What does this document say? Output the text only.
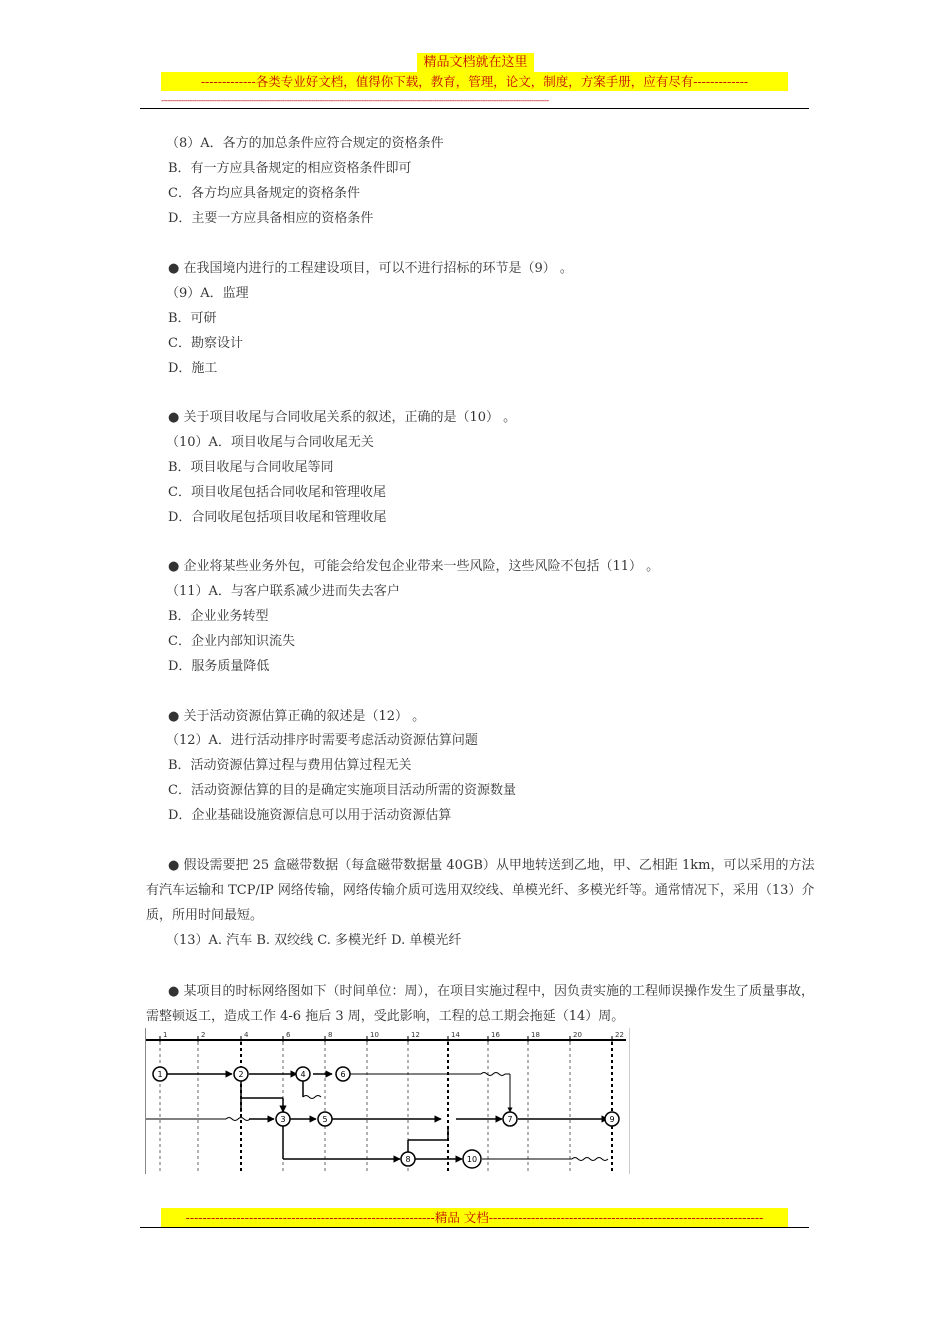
精品文档就在这里
-------------各类专业好文档，值得你下载，教育，管理，论文，制度，方案手册，应有尽有-------------
--------------------------------------------------------------------------------------------------------------------------------------------------------------------------------
（8）A．各方的加总条件应符合规定的资格条件
B．有一方应具备规定的相应资格条件即可
C．各方均应具备规定的资格条件
D．主要一方应具备相应的资格条件
● 在我国境内进行的工程建设项目，可以不进行招标的环节是（9） 。
（9）A．监理
B．可研
C．勘察设计
D．施工
● 关于项目收尾与合同收尾关系的叙述，正确的是（10） 。
（10）A．项目收尾与合同收尾无关
B．项目收尾与合同收尾等同
C．项目收尾包括合同收尾和管理收尾
D．合同收尾包括项目收尾和管理收尾
● 企业将某些业务外包，可能会给发包企业带来一些风险，这些风险不包括（11） 。
（11）A．与客户联系减少进而失去客户
B．企业业务转型
C．企业内部知识流失
D．服务质量降低
● 关于活动资源估算正确的叙述是（12） 。
（12）A．进行活动排序时需要考虑活动资源估算问题
B．活动资源估算过程与费用估算过程无关
C．活动资源估算的目的是确定实施项目活动所需的资源数量
D．企业基础设施资源信息可以用于活动资源估算
● 假设需要把 25 盒磁带数据（每盒磁带数据量 40GB）从甲地转送到乙地，甲、乙相距 1km，可以采用的方法有汽车运输和 TCP/IP 网络传输，网络传输介质可选用双绞线、单模光纤、多模光纤等。通常情况下，采用（13）介质，所用时间最短。
（13）A. 汽车 B. 双绞线 C. 多模光纤 D. 单模光纤
● 某项目的时标网络图如下（时间单位：周），在项目实施过程中，因负责实施的工程师误操作发生了质量事故，需整顿返工，造成工作 4-6 拖后 3 周，受此影响，工程的总工期会拖延（14）周。
1	2	4	6	8	10	12	14	16	18	20	22
1	2
3
4
5
6
7
8
9
10
-----------------------------------------------------------精品 文档-----------------------------------------------------------------
